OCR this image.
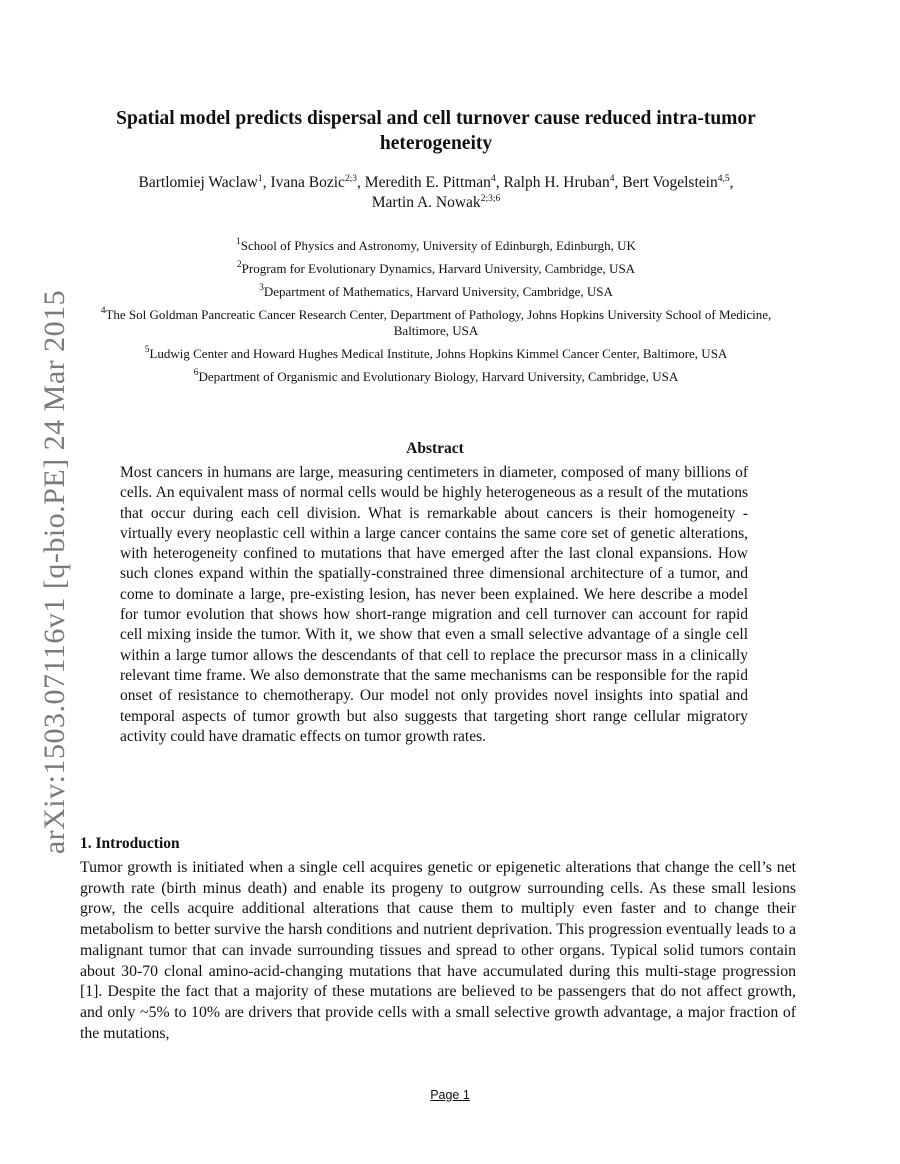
arXiv:1503.07116v1 [q-bio.PE] 24 Mar 2015
Spatial model predicts dispersal and cell turnover cause reduced intra-tumor heterogeneity
Bartlomiej Waclaw$^1$, Ivana Bozic$^{2;3}$, Meredith E. Pittman$^4$, Ralph H. Hruban$^4$, Bert Vogelstein$^{4,5}$,
Martin A. Nowak$^{2;3;6}$
$^1$School of Physics and Astronomy, University of Edinburgh, Edinburgh, UK
$^2$Program for Evolutionary Dynamics, Harvard University, Cambridge, USA
$^3$Department of Mathematics, Harvard University, Cambridge, USA
$^4$The Sol Goldman Pancreatic Cancer Research Center, Department of Pathology, Johns Hopkins University School of Medicine, Baltimore, USA
$^5$Ludwig Center and Howard Hughes Medical Institute, Johns Hopkins Kimmel Cancer Center, Baltimore, USA
$^6$Department of Organismic and Evolutionary Biology, Harvard University, Cambridge, USA
Abstract
Most cancers in humans are large, measuring centimeters in diameter, composed of many billions of cells. An equivalent mass of normal cells would be highly heterogeneous as a result of the mutations that occur during each cell division. What is remarkable about cancers is their homogeneity - virtually every neoplastic cell within a large cancer contains the same core set of genetic alterations, with heterogeneity confined to mutations that have emerged after the last clonal expansions. How such clones expand within the spatially-constrained three dimensional architecture of a tumor, and come to dominate a large, pre-existing lesion, has never been explained. We here describe a model for tumor evolution that shows how short-range migration and cell turnover can account for rapid cell mixing inside the tumor. With it, we show that even a small selective advantage of a single cell within a large tumor allows the descendants of that cell to replace the precursor mass in a clinically relevant time frame. We also demonstrate that the same mechanisms can be responsible for the rapid onset of resistance to chemotherapy. Our model not only provides novel insights into spatial and temporal aspects of tumor growth but also suggests that targeting short range cellular migratory activity could have dramatic effects on tumor growth rates.
1. Introduction
Tumor growth is initiated when a single cell acquires genetic or epigenetic alterations that change the cell’s net growth rate (birth minus death) and enable its progeny to outgrow surrounding cells. As these small lesions grow, the cells acquire additional alterations that cause them to multiply even faster and to change their metabolism to better survive the harsh conditions and nutrient deprivation. This progression eventually leads to a malignant tumor that can invade surrounding tissues and spread to other organs. Typical solid tumors contain about 30-70 clonal amino-acid-changing mutations that have accumulated during this multi-stage progression [1]. Despite the fact that a majority of these mutations are believed to be passengers that do not affect growth, and only ~5% to 10% are drivers that provide cells with a small selective growth advantage, a major fraction of the mutations,
Page 1
